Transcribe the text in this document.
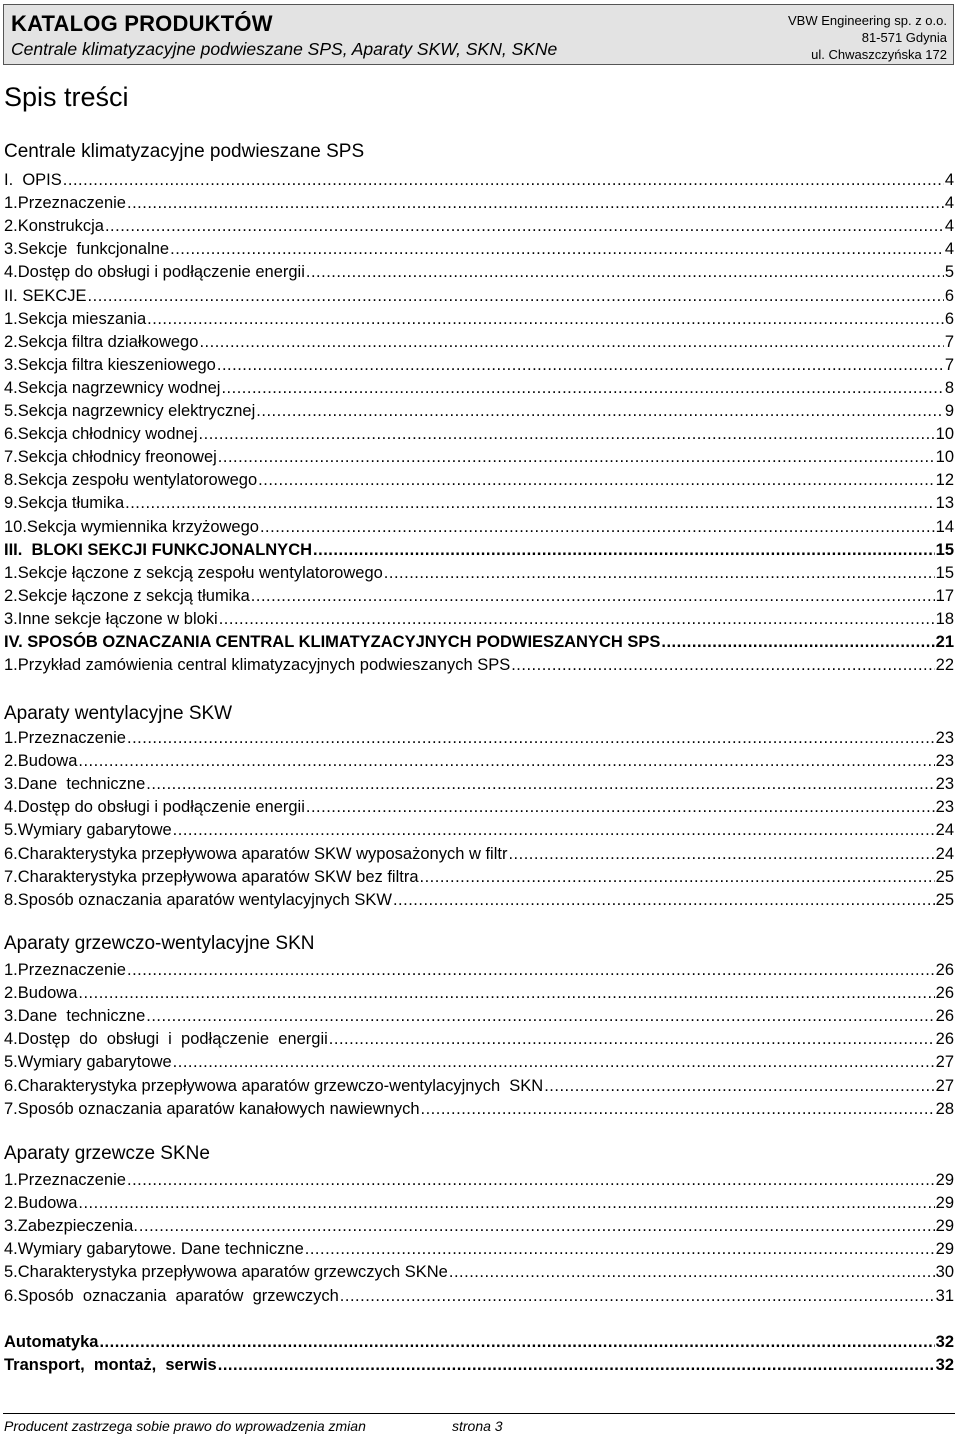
KATALOG PRODUKTÓW
Centrale klimatyzacyjne podwieszane SPS, Aparaty SKW, SKN, SKNe
VBW Engineering sp. z o.o.
81-571 Gdynia
ul. Chwaszczyńska 172
Spis treści
Centrale klimatyzacyjne podwieszane SPS
I.  OPIS .....	4
1.Przeznaczenie .....	4
2.Konstrukcja .....	4
3.Sekcje  funkcjonalne .....	4
4.Dostęp do obsługi i podłączenie energii .....	5
II. SEKCJE .....	6
1.Sekcja mieszania .....	6
2.Sekcja filtra działkowego .....	7
3.Sekcja filtra kieszeniowego .....	7
4.Sekcja nagrzewnicy wodnej .....	8
5.Sekcja nagrzewnicy elektrycznej .....	9
6.Sekcja chłodnicy wodnej .....	10
7.Sekcja chłodnicy freonowej .....	10
8.Sekcja zespołu wentylatorowego .....	12
9.Sekcja tłumika .....	13
10.Sekcja wymiennika krzyżowego .....	14
III.  BLOKI SEKCJI FUNKCJONALNYCH .....	15
1.Sekcje łączone z sekcją zespołu wentylatorowego .....	15
2.Sekcje łączone z sekcją tłumika .....	17
3.Inne sekcje łączone w bloki .....	18
IV. SPOSÓB OZNACZANIA CENTRAL KLIMATYZACYJNYCH PODWIESZANYCH SPS .....	21
1.Przykład zamówienia central klimatyzacyjnych podwieszanych SPS .....	22
Aparaty wentylacyjne SKW
1.Przeznaczenie .....	23
2.Budowa .....	23
3.Dane  techniczne .....	23
4.Dostęp do obsługi i podłączenie energii .....	23
5.Wymiary gabarytowe .....	24
6.Charakterystyka przepływowa aparatów SKW wyposażonych w filtr .....	24
7.Charakterystyka przepływowa aparatów SKW bez filtra .....	25
8.Sposób oznaczania aparatów wentylacyjnych SKW .....	25
Aparaty grzewczo-wentylacyjne SKN
1.Przeznaczenie .....	26
2.Budowa .....	26
3.Dane  techniczne .....	26
4.Dostęp  do  obsługi  i  podłączenie  energii .....	26
5.Wymiary gabarytowe .....	27
6.Charakterystyka przepływowa aparatów grzewczo-wentylacyjnych  SKN .....	27
7.Sposób oznaczania aparatów kanałowych nawiewnych .....	28
Aparaty grzewcze SKNe
1.Przeznaczenie .....	29
2.Budowa .....	29
3.Zabezpieczenia. .....	29
4.Wymiary gabarytowe. Dane techniczne .....	29
5.Charakterystyka przepływowa aparatów grzewczych SKNe .....	30
6.Sposób  oznaczania  aparatów  grzewczych .....	31
Automatyka .....	32
Transport,  montaż,  serwis .....	32
Producent zastrzega sobie prawo do wprowadzenia zmian	strona 3
